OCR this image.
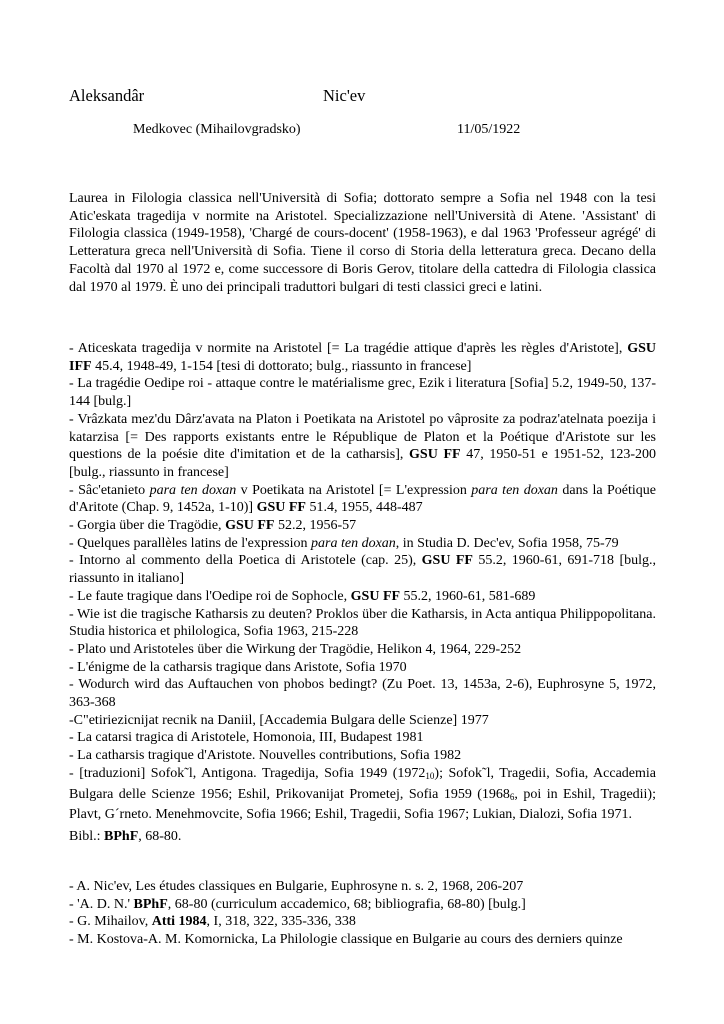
Aleksandâr	Nic'ev
Medkovec (Mihailovgradsko)	11/05/1922
Laurea in Filologia classica nell'Università di Sofia; dottorato sempre a Sofia nel 1948 con la tesi Atic'eskata tragedija v normite na Aristotel. Specializzazione nell'Università di Atene. 'Assistant' di Filologia classica (1949-1958), 'Chargé de cours-docent' (1958-1963), e dal 1963 'Professeur agrégé' di Letteratura greca nell'Università di Sofia. Tiene il corso di Storia della letteratura greca. Decano della Facoltà dal 1970 al 1972 e, come successore di Boris Gerov, titolare della cattedra di Filologia classica dal 1970 al 1979. È uno dei principali traduttori bulgari di testi classici greci e latini.
- Aticeskata tragedija v normite na Aristotel [= La tragédie attique d'après les règles d'Aristote], GSU IFF 45.4, 1948-49, 1-154 [tesi di dottorato; bulg., riassunto in francese]
- La tragédie Oedipe roi - attaque contre le matérialisme grec, Ezik i literatura [Sofia] 5.2, 1949-50, 137-144 [bulg.]
- Vrâzkata mez'du Dârz'avata na Platon i Poetikata na Aristotel po vâprosite za podraz'atelnata poezija i katarzisa [= Des rapports existants entre le République de Platon et la Poétique d'Aristote sur les questions de la poésie dite d'imitation et de la catharsis], GSU FF 47, 1950-51 e 1951-52, 123-200 [bulg., riassunto in francese]
- Sâc'etanieto para ten doxan v Poetikata na Aristotel [= L'expression para ten doxan dans la Poétique d'Aritote (Chap. 9, 1452a, 1-10)] GSU FF 51.4, 1955, 448-487
- Gorgia über die Tragödie, GSU FF 52.2, 1956-57
- Quelques parallèles latins de l'expression para ten doxan, in Studia D. Dec'ev, Sofia 1958, 75-79
- Intorno al commento della Poetica di Aristotele (cap. 25), GSU FF 55.2, 1960-61, 691-718 [bulg., riassunto in italiano]
- Le faute tragique dans l'Oedipe roi de Sophocle, GSU FF 55.2, 1960-61, 581-689
- Wie ist die tragische Katharsis zu deuten? Proklos über die Katharsis, in Acta antiqua Philippopolitana. Studia historica et philologica, Sofia 1963, 215-228
- Plato und Aristoteles über die Wirkung der Tragödie, Helikon 4, 1964, 229-252
- L'énigme de la catharsis tragique dans Aristote, Sofia 1970
- Wodurch wird das Auftauchen von phobos bedingt? (Zu Poet. 13, 1453a, 2-6), Euphrosyne 5, 1972, 363-368
-C"etiriezicnijat recnik na Daniil, [Accademia Bulgara delle Scienze] 1977
- La catarsi tragica di Aristotele, Homonoia, III, Budapest 1981
- La catharsis tragique d'Aristote. Nouvelles contributions, Sofia 1982
- [traduzioni] Sofok˜l, Antigona. Tragedija, Sofia 1949 $(1972_{10})$; Sofok˜l, Tragedii, Sofia, Accademia Bulgara delle Scienze 1956; Eshil, Prikovanijat Prometej, Sofia 1959 ($1968_6$, poi in Eshil, Tragedii); Plavt, G´rneto. Menehmovcite, Sofia 1966; Eshil, Tragedii, Sofia 1967; Lukian, Dialozi, Sofia 1971.
Bibl.: BPhF, 68-80.
- A. Nic'ev, Les études classiques en Bulgarie, Euphrosyne n. s. 2, 1968, 206-207
- 'A. D. N.' BPhF, 68-80 (curriculum accademico, 68; bibliografia, 68-80) [bulg.]
- G. Mihailov, Atti 1984, I, 318, 322, 335-336, 338
- M. Kostova-A. M. Komornicka, La Philologie classique en Bulgarie au cours des derniers quinze
